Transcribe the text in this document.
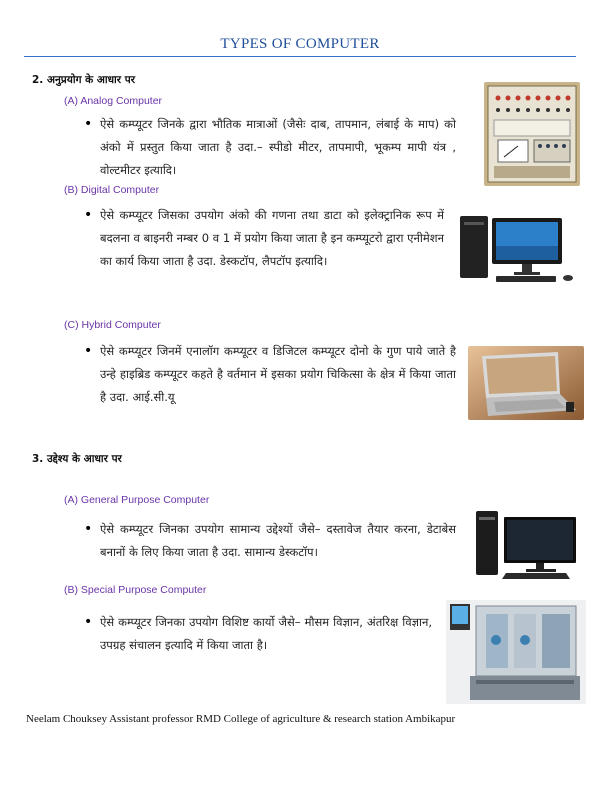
TYPES OF COMPUTER
2. अनुप्रयोग के आधार पर
(A) Analog Computer
• ऐसे कम्प्यूटर जिनके द्वारा भौतिक मात्राओं (जैसेः दाब, तापमान, लंबाई के माप) को अंको में प्रस्तुत किया जाता है उदा.– स्पीडो मीटर, तापमापी, भूकम्प मापी यंत्र , वोल्टमीटर इत्यादि।
(B) Digital Computer
• ऐसे कम्प्यूटर जिसका उपयोग अंको की गणना तथा डाटा को इलेक्ट्रानिक रूप में बदलना व बाइनरी नम्बर 0 व 1 में प्रयोग किया जाता है इन कम्प्यूटरो द्वारा एनीमेशन का कार्य किया जाता है उदा. डेस्कटॉप, लैपटॉप इत्यादि।
(C) Hybrid Computer
• ऐसे कम्प्यूटर जिनमें एनालॉग कम्प्यूटर व डिजिटल कम्प्यूटर दोनो के गुण पाये जाते है उन्हे हाइब्रिड कम्प्यूटर कहते है वर्तमान में इसका प्रयोग चिकित्सा के क्षेत्र में किया जाता है उदा. आई.सी.यू
3. उद्देश्य के आधार पर
(A) General Purpose Computer
• ऐसे कम्प्यूटर जिनका उपयोग सामान्य उद्देश्यों जैसे– दस्तावेज तैयार करना, डेटाबेस बनानों के लिए किया जाता है उदा. सामान्य डेस्कटॉप।
(B) Special Purpose Computer
• ऐसे कम्प्यूटर जिनका उपयोग विशिष्ट कार्यो जैसे– मौसम विज्ञान, अंतरिक्ष विज्ञान, उपग्रह संचालन इत्यादि में किया जाता है।
Neelam Chouksey Assistant professor RMD College of agriculture & research station Ambikapur
